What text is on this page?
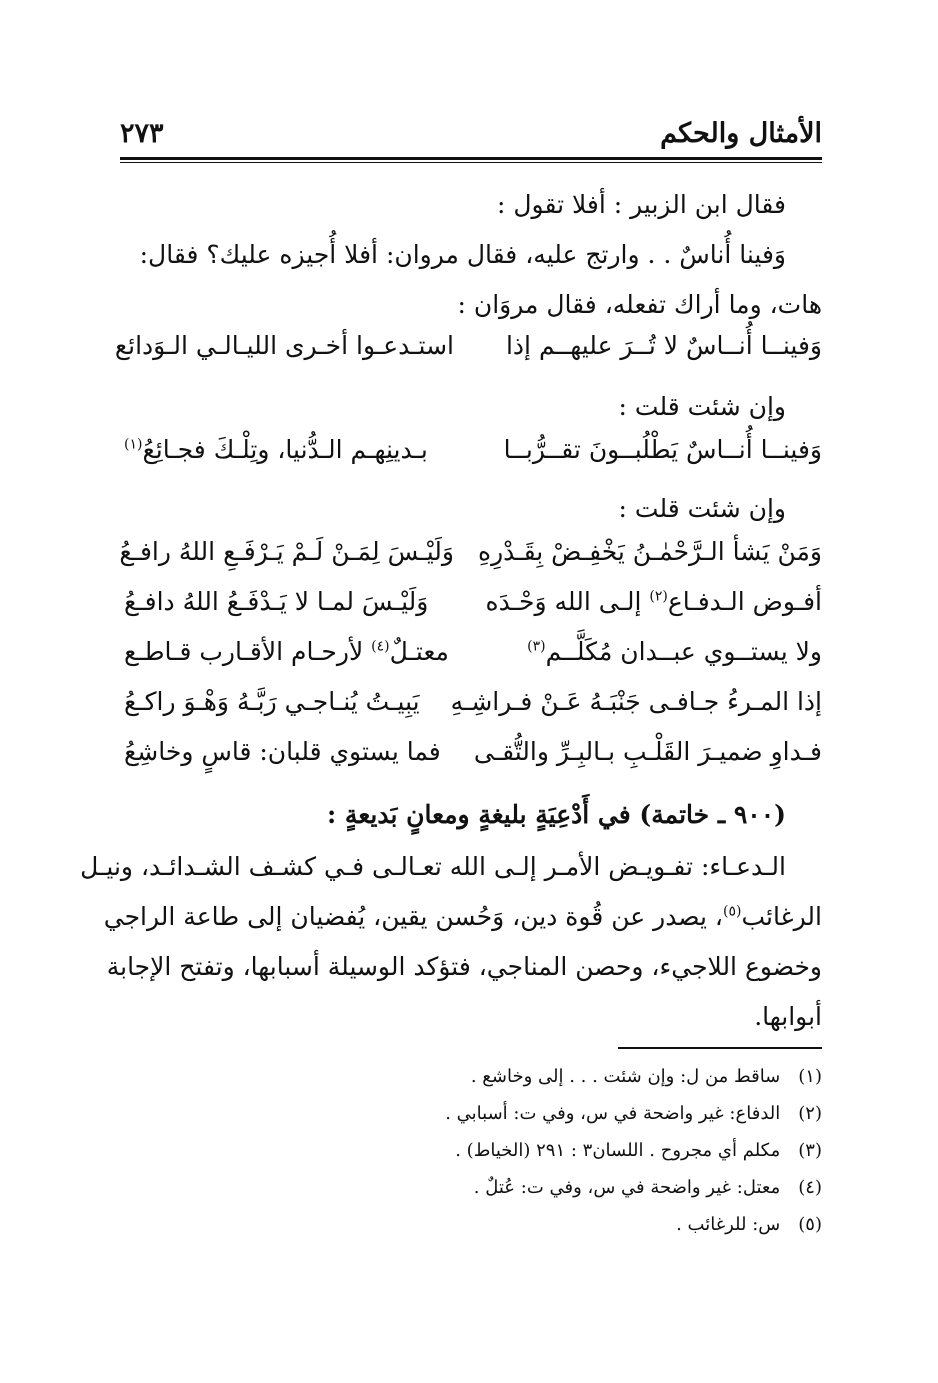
الأمثال والحكم
٢٧٣
فقال ابن الزبير : أفلا تقول :
وَفينا أُناسٌ . . وارتج عليه، فقال مروان: أفلا أُجيزه عليك؟ فقال:
هات، وما أراك تفعله، فقال مروَان :
وَفينــا أُنــاسٌ لا تُــرَ عليهــم إذا
استـدعـوا أخـرى الليـالـي الـوَدائع
وإن شئت قلت :
وَفينــا أُنــاسٌ يَطْلُبــونَ تقــرُّبــا
بـدينِهـم الـدُّنيا، وتِلْـكَ فجـائِعُ$^{(١)}$
وإن شئت قلت :
وَمَنْ يَشأ الـرَّحْمٰـنُ يَخْفِـضْ بِقَـدْرِهِ
وَلَيْـسَ لِمَـنْ لَـمْ يَـرْفَـعِ اللهُ رافـعُ
أفـوض الـدفـاع$^{(٢)}$ إلـى الله وَحْـدَه
وَلَيْـسَ لمـا لا يَـدْفَـعُ اللهُ دافـعُ
ولا يستــوي عبــدان مُكَلَّــم$^{(٣)}$
معتـلٌ$^{(٤)}$ لأرحـام الأقـارب قـاطـع
إذا المـرءُ جـافـى جَنْبَـهُ عَـنْ فـراشِـهِ
يَبِيـتُ يُنـاجـي رَبَّـهُ وَهْـوَ راكـعُ
فـداوِ ضميـرَ القَلْـبِ بـالبِـرِّ والتُّقـى
فما يستوي قلبان: قاسٍ وخاشِعُ
(٩٠٠ ـ خاتمة) في أَدْعِيَةٍ بليغةٍ ومعانٍ بَديعةٍ :
الـدعـاء: تفـويـض الأمـر إلـى الله تعـالـى فـي كشـف الشـدائـد، ونيـل
الرغائب$^{(٥)}$، يصدر عن قُوة دين، وَحُسن يقين، يُفضيان إلى طاعة الراجي
وخضوع اللاجيء، وحصن المناجي، فتؤكد الوسيلة أسبابها، وتفتح الإجابة
أبوابها.
(١) ساقط من ل: وإن شئت . . . إلى وخاشع .
(٢) الدفاع: غير واضحة في س، وفي ت: أسبابي .
(٣) مكلم أي مجروح . اللسان٣ : ٢٩١ (الخياط) .
(٤) معتل: غير واضحة في س، وفي ت: عُتلٌ .
(٥) س: للرغائب .
